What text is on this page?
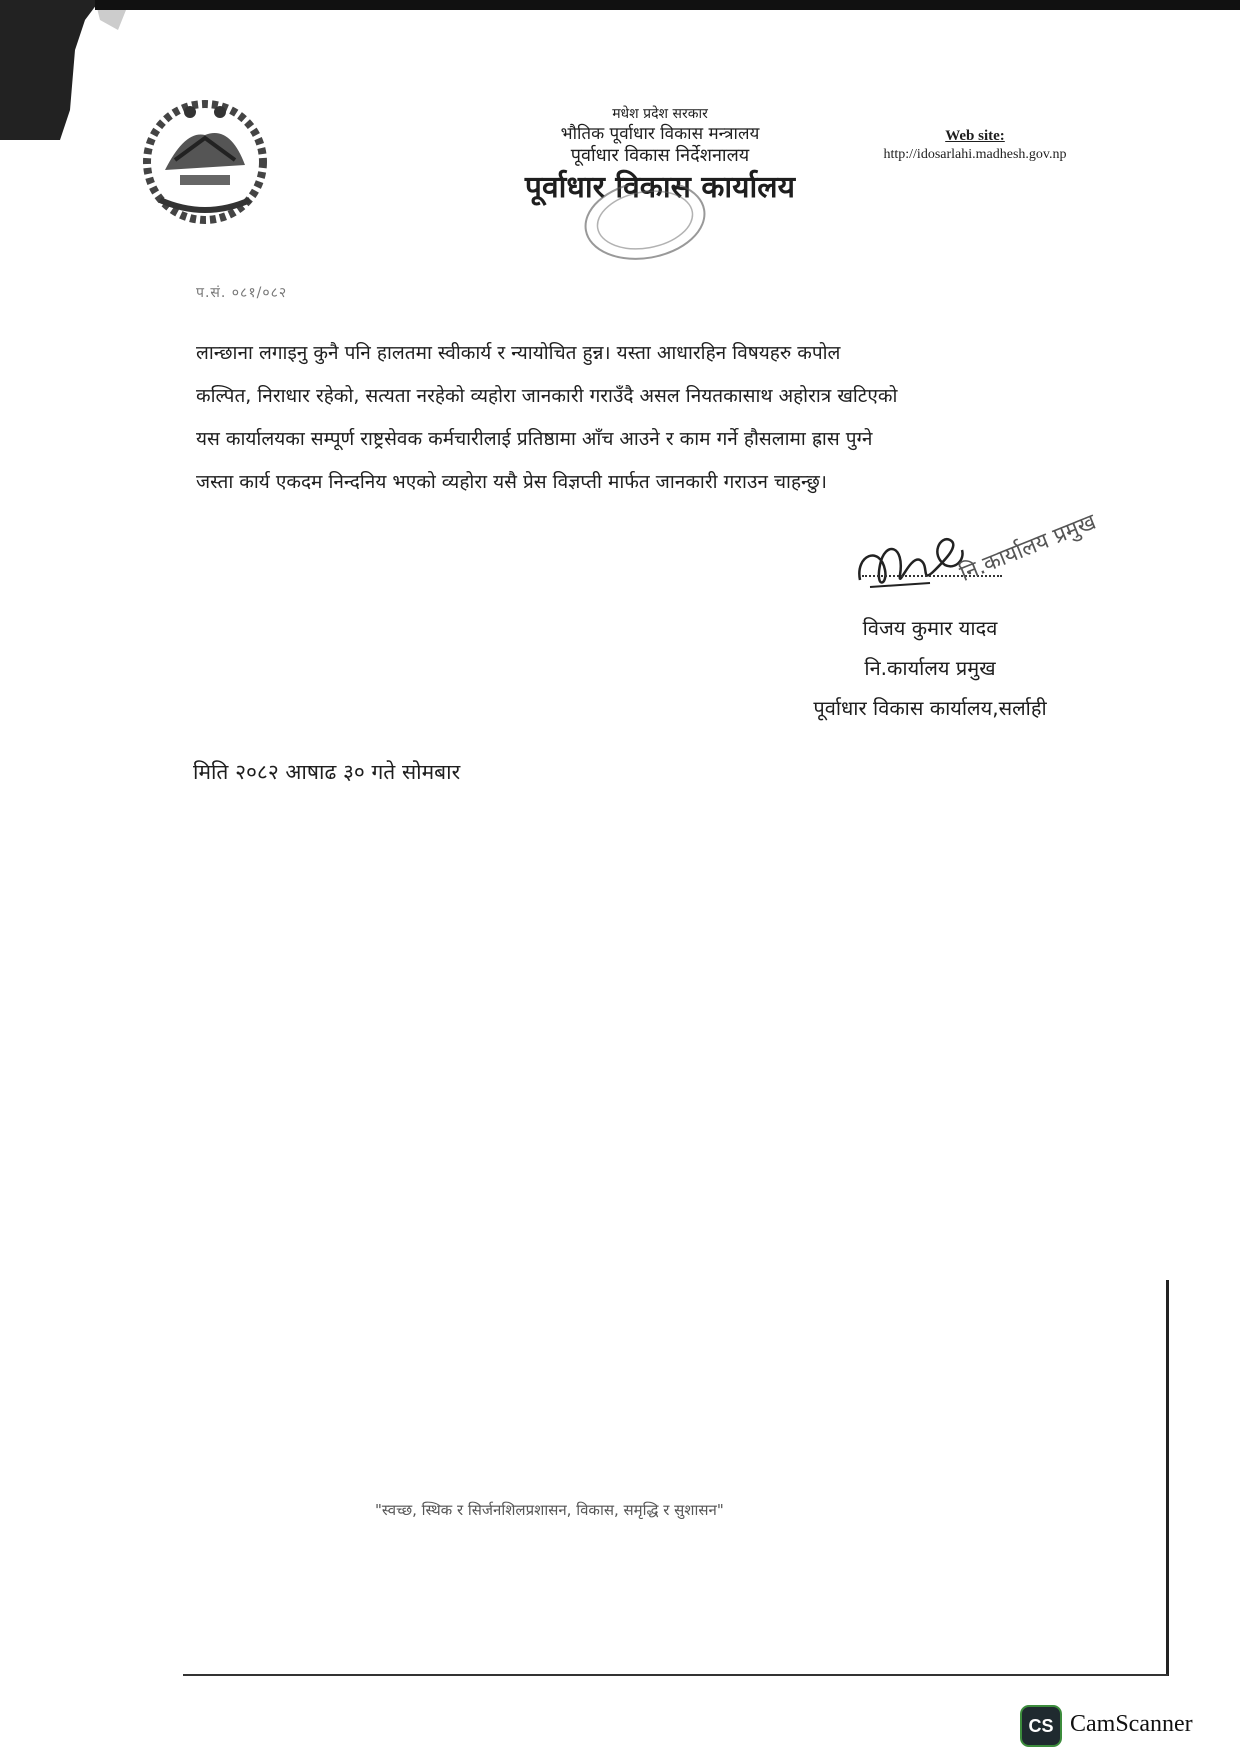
मधेश प्रदेश सरकार
भौतिक पूर्वाधार विकास मन्त्रालय
पूर्वाधार विकास निर्देशनालय
पूर्वाधार विकास कार्यालय
Web site:
http://idosarlahi.madhesh.gov.np
प.सं. ०८१/०८२
लान्छाना लगाइनु कुनै पनि हालतमा स्वीकार्य र न्यायोचित हुन्न। यस्ता आधारहिन विषयहरु कपोल
कल्पित, निराधार रहेको, सत्यता नरहेको व्यहोरा जानकारी गराउँदै असल नियतकासाथ अहोरात्र खटिएको
यस कार्यालयका सम्पूर्ण राष्ट्रसेवक कर्मचारीलाई प्रतिष्ठामा आँच आउने र काम गर्ने हौसलामा ह्रास पुग्ने
जस्ता कार्य एकदम निन्दनिय भएको व्यहोरा यसै प्रेस विज्ञप्ती मार्फत जानकारी गराउन चाहन्छु।
नि.कार्यालय प्रमुख
विजय कुमार यादव
नि.कार्यालय प्रमुख
पूर्वाधार विकास कार्यालय,सर्लाही
मिति २०८२ आषाढ ३० गते सोमबार
"स्वच्छ, स्थिक र सिर्जनशिलप्रशासन, विकास, समृद्धि र सुशासन"
CS CamScanner
